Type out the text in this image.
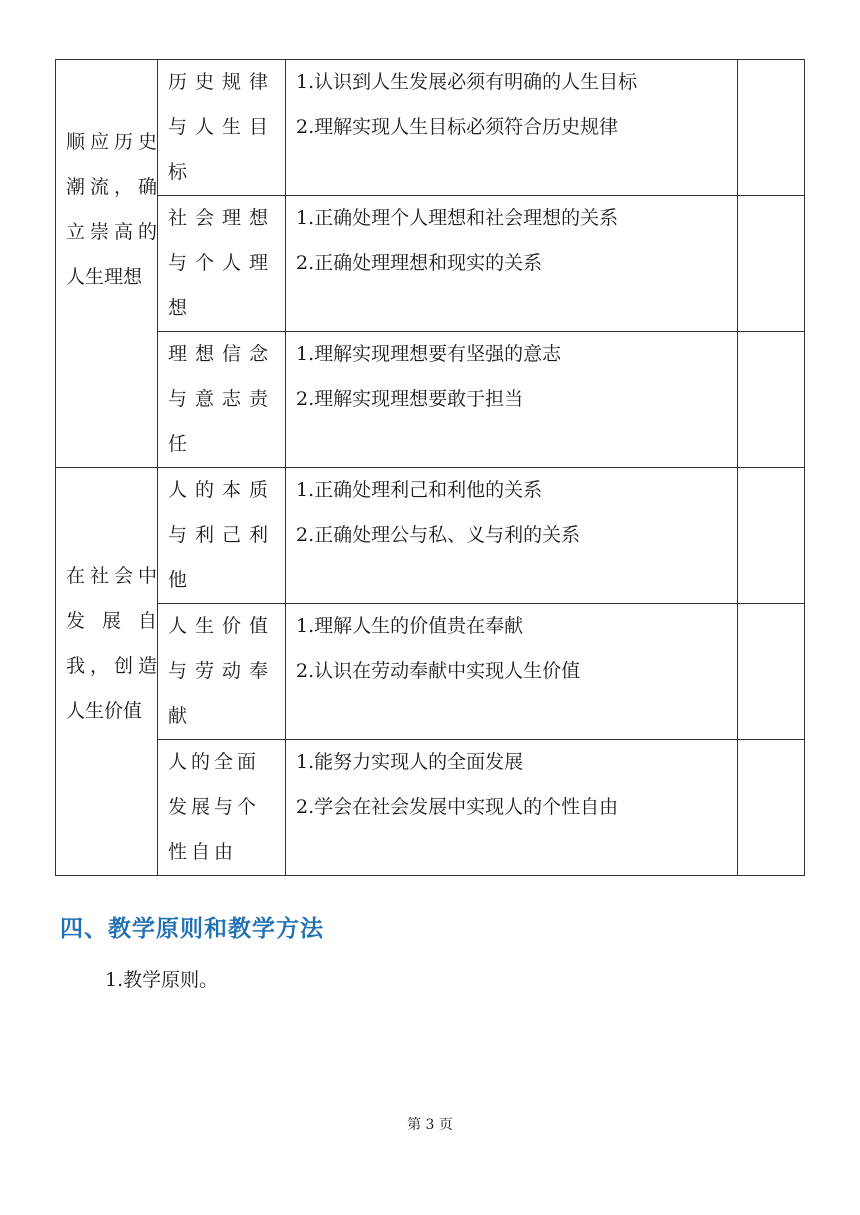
顺应历史潮流，确立崇高的人生理想	历史规律与人生目标	1.认识到人生发展必须有明确的人生目标
2.理解实现人生目标必须符合历史规律	

	社会理想与个人理想	1.正确处理个人理想和社会理想的关系
2.正确处理理想和现实的关系	

	理想信念与意志责任	1.理解实现理想要有坚强的意志
2.理解实现理想要敢于担当	

在社会中发展自我，创造人生价值	人的本质与利己利他	1.正确处理利己和利他的关系
2.正确处理公与私、义与利的关系	

	人生价值与劳动奉献	1.理解人生的价值贵在奉献
2.认识在劳动奉献中实现人生价值	

	人的全面发展与个性自由	1.能努力实现人的全面发展
2.学会在社会发展中实现人的个性自由	

四、教学原则和教学方法
1.教学原则。
第 3 页
